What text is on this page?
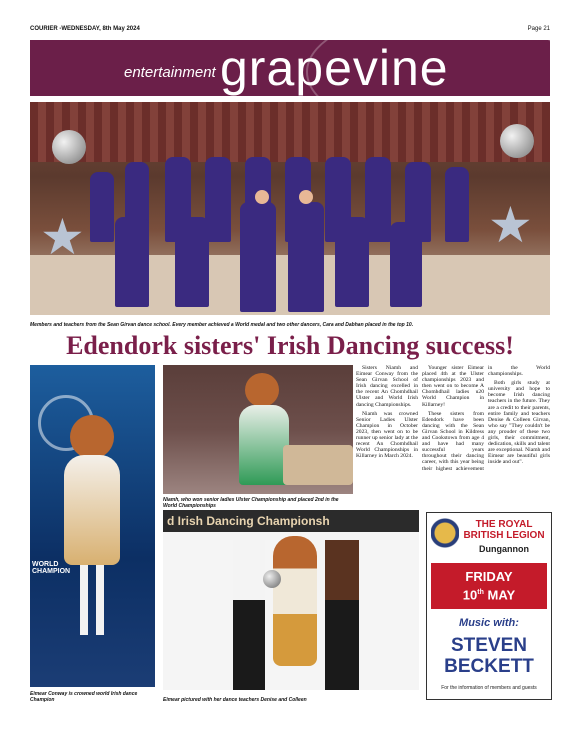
COURIER -WEDNESDAY, 8th May 2024	Page 21
entertainment grapevine
★	★
Members and teachers from the Sean Girvan dance school. Every member achieved a World medal and two other dancers, Cara and Dabhan placed in the top 10.
Edendork sisters' Irish Dancing success!
WORLD CHAMPION
Eimear Conway is crowned world Irish dance Champion
Niamh, who won senior ladies Ulster Championship and placed 2nd in the World Championships
d Irish Dancing Championsh
Eimear pictured with her dance teachers Denise and Colleen

Sisters Niamh and Eimear Conway from the Sean Girvan School of Irish dancing excelled in the recent An Chomhdhail Ulster and World Irish dancing Championships.

Niamh was crowned Senior Ladies Ulster Champion in October 2023, then went on to be runner up senior lady at the recent An Chomhdhail World Championships in Killarney in March 2024.

Younger sister Eimear placed 4th at the Ulster championships 2023 and then went on to become A Chomhdhail ladies u20 World Champion in Killarney!

These sisters from Edendork have been dancing with the Sean Girvan School in Kildress and Cookstown from age 4 and have had many successful years throughout their dancing career, with this year being their highest achievement in the World championships.

Both girls study at university and hope to become Irish dancing teachers in the future. They are a credit to their parents, entire family and teachers Denise & Colleen Girvan, who say "They couldn't be any prouder of these two girls, their commitment, dedication, skills and talent are exceptional. Niamh and Eimear are beautiful girls inside and out".

THE ROYAL BRITISH LEGION
Dungannon
FRIDAY
10th MAY
Music with:
STEVEN BECKETT
For the information of members and guests
